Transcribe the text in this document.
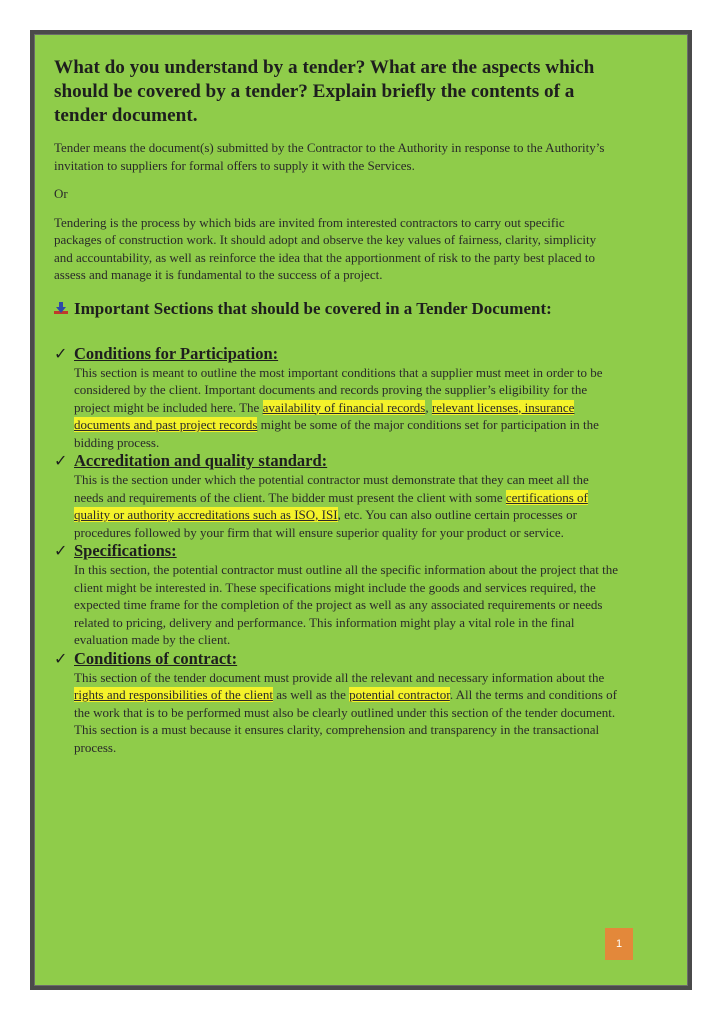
What do you understand by a tender? What are the aspects which should be covered by a tender? Explain briefly the contents of a tender document.

Tender means the document(s) submitted by the Contractor to the Authority in response to the Authority’s invitation to suppliers for formal offers to supply it with the Services.

Or

Tendering is the process by which bids are invited from interested contractors to carry out specific packages of construction work. It should adopt and observe the key values of fairness, clarity, simplicity and accountability, as well as reinforce the idea that the apportionment of risk to the party best placed to assess and manage it is fundamental to the success of a project.

Important Sections that should be covered in a Tender Document:
✓ Conditions for Participation:

This section is meant to outline the most important conditions that a supplier must meet in order to be considered by the client. Important documents and records proving the supplier’s eligibility for the project might be included here. The availability of financial records, relevant licenses, insurance documents and past project records might be some of the major conditions set for participation in the bidding process.

✓ Accreditation and quality standard:

This is the section under which the potential contractor must demonstrate that they can meet all the needs and requirements of the client. The bidder must present the client with some certifications of quality or authority accreditations such as ISO, ISI, etc. You can also outline certain processes or procedures followed by your firm that will ensure superior quality for your product or service.

✓ Specifications:

In this section, the potential contractor must outline all the specific information about the project that the client might be interested in. These specifications might include the goods and services required, the expected time frame for the completion of the project as well as any associated requirements or needs related to pricing, delivery and performance. This information might play a vital role in the final evaluation made by the client.

✓ Conditions of contract:

This section of the tender document must provide all the relevant and necessary information about the rights and responsibilities of the client as well as the potential contractor. All the terms and conditions of the work that is to be performed must also be clearly outlined under this section of the tender document. This section is a must because it ensures clarity, comprehension and transparency in the transactional process.

1
